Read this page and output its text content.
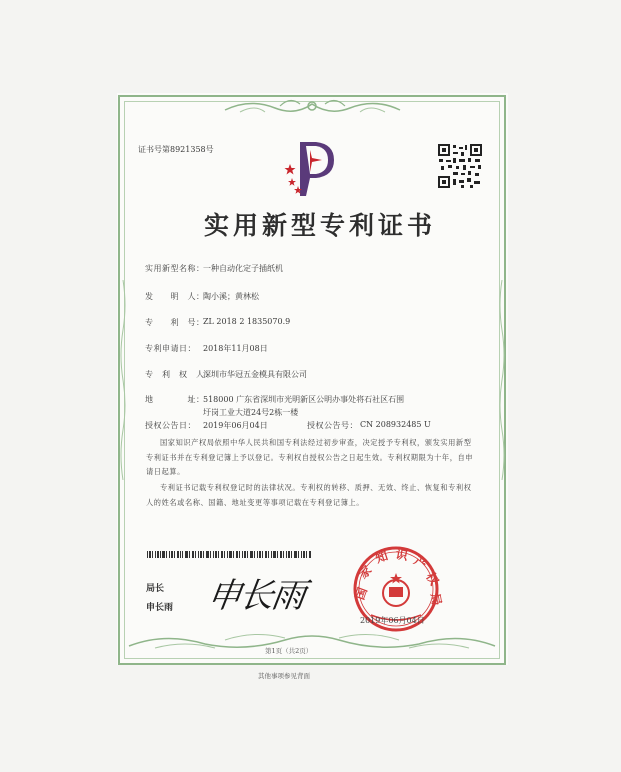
证书号第8921358号
实用新型专利证书
实用新型名称：
一种自动化定子插纸机
发　　明　人：
陶小溪；黄林松
专　　利　号：
ZL 2018 2 1835070.9
专利申请日： 2018年11月08日
专　利　权　人：
深圳市华冠五金模具有限公司
地　　　　址：
518000 广东省深圳市光明新区公明办事处将石社区石围
圩岗工业大道24号2栋一楼
授权公告日： 2019年06月04日	授权公告号： CN 208932485 U
国家知识产权局依照中华人民共和国专利法经过初步审查，决定授予专利权，颁发实用新型专利证书并在专利登记簿上予以登记。专利权自授权公告之日起生效。专利权期限为十年，自申请日起算。
专利证书记载专利权登记时的法律状况。专利权的转移、质押、无效、终止、恢复和专利权人的姓名或名称、国籍、地址变更等事项记载在专利登记簿上。
局长
申长雨 申长雨	国
家
知 识 产
权
局
2019年06月04日
第1页（共2页）
其他事项参见背面
